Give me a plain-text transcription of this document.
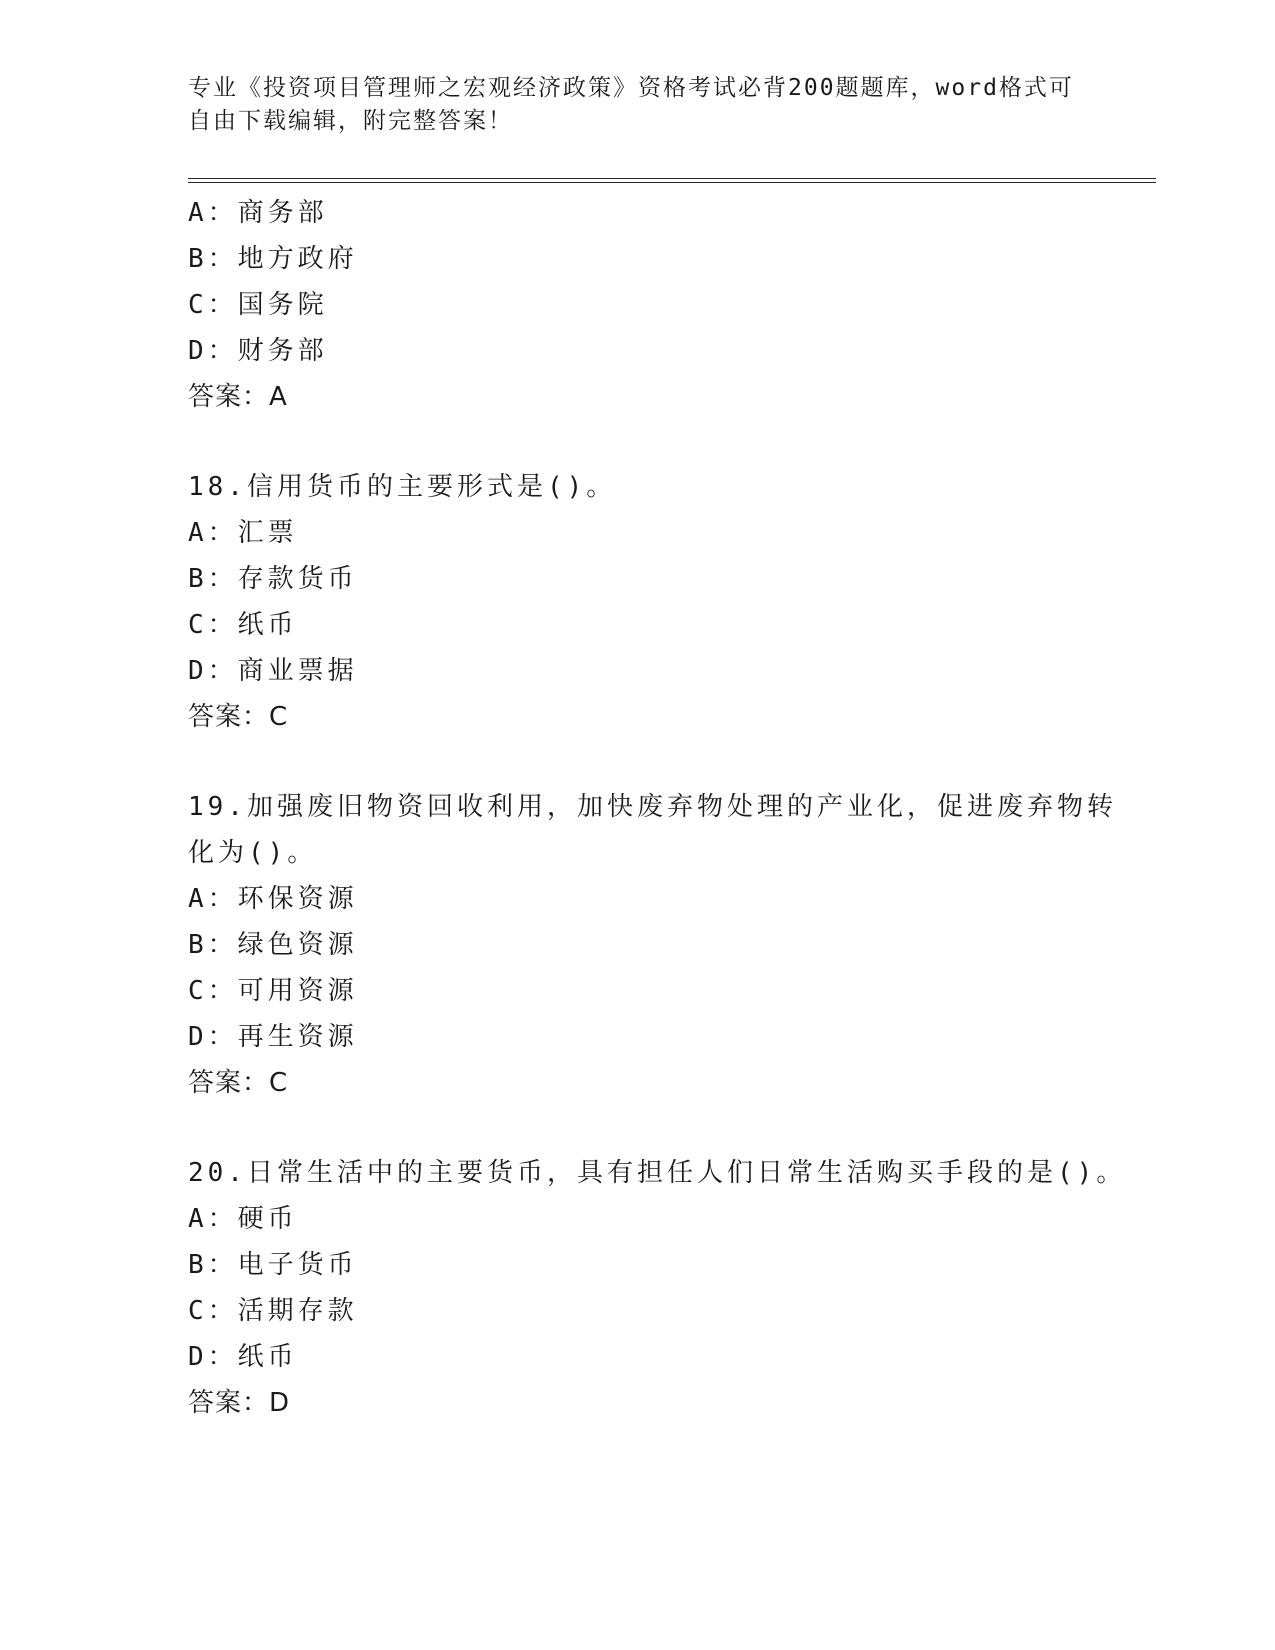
专业《投资项目管理师之宏观经济政策》资格考试必背200题题库，word格式可
自由下载编辑，附完整答案！
A：商务部
B：地方政府
C：国务院
D：财务部
答案：A
18.信用货币的主要形式是()。
A：汇票
B：存款货币
C：纸币
D：商业票据
答案：C
19.加强废旧物资回收利用，加快废弃物处理的产业化，促进废弃物转
化为()。
A：环保资源
B：绿色资源
C：可用资源
D：再生资源
答案：C
20.日常生活中的主要货币，具有担任人们日常生活购买手段的是()。
A：硬币
B：电子货币
C：活期存款
D：纸币
答案：D
